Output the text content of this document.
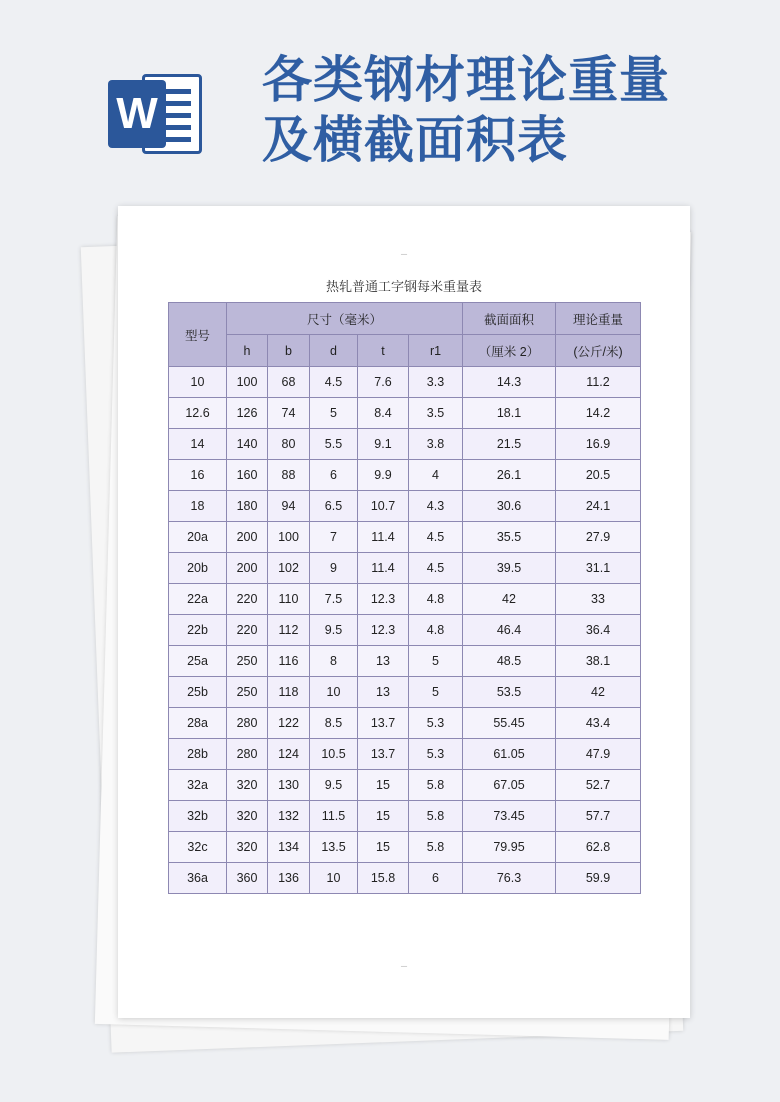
W
各类钢材理论重量
及横截面积表
━━
热轧普通工字钢每米重量表
型号	尺寸（毫米）					截面面积	理论重量
	h	b	d	t	r1	（厘米 2）	(公斤/米)
10	100	68	4.5	7.6	3.3	14.3	11.2
12.6	126	74	5	8.4	3.5	18.1	14.2
14	140	80	5.5	9.1	3.8	21.5	16.9
16	160	88	6	9.9	4	26.1	20.5
18	180	94	6.5	10.7	4.3	30.6	24.1
20a	200	100	7	11.4	4.5	35.5	27.9
20b	200	102	9	11.4	4.5	39.5	31.1
22a	220	110	7.5	12.3	4.8	42	33
22b	220	112	9.5	12.3	4.8	46.4	36.4
25a	250	116	8	13	5	48.5	38.1
25b	250	118	10	13	5	53.5	42
28a	280	122	8.5	13.7	5.3	55.45	43.4
28b	280	124	10.5	13.7	5.3	61.05	47.9
32a	320	130	9.5	15	5.8	67.05	52.7
32b	320	132	11.5	15	5.8	73.45	57.7
32c	320	134	13.5	15	5.8	79.95	62.8
36a	360	136	10	15.8	6	76.3	59.9
━━
